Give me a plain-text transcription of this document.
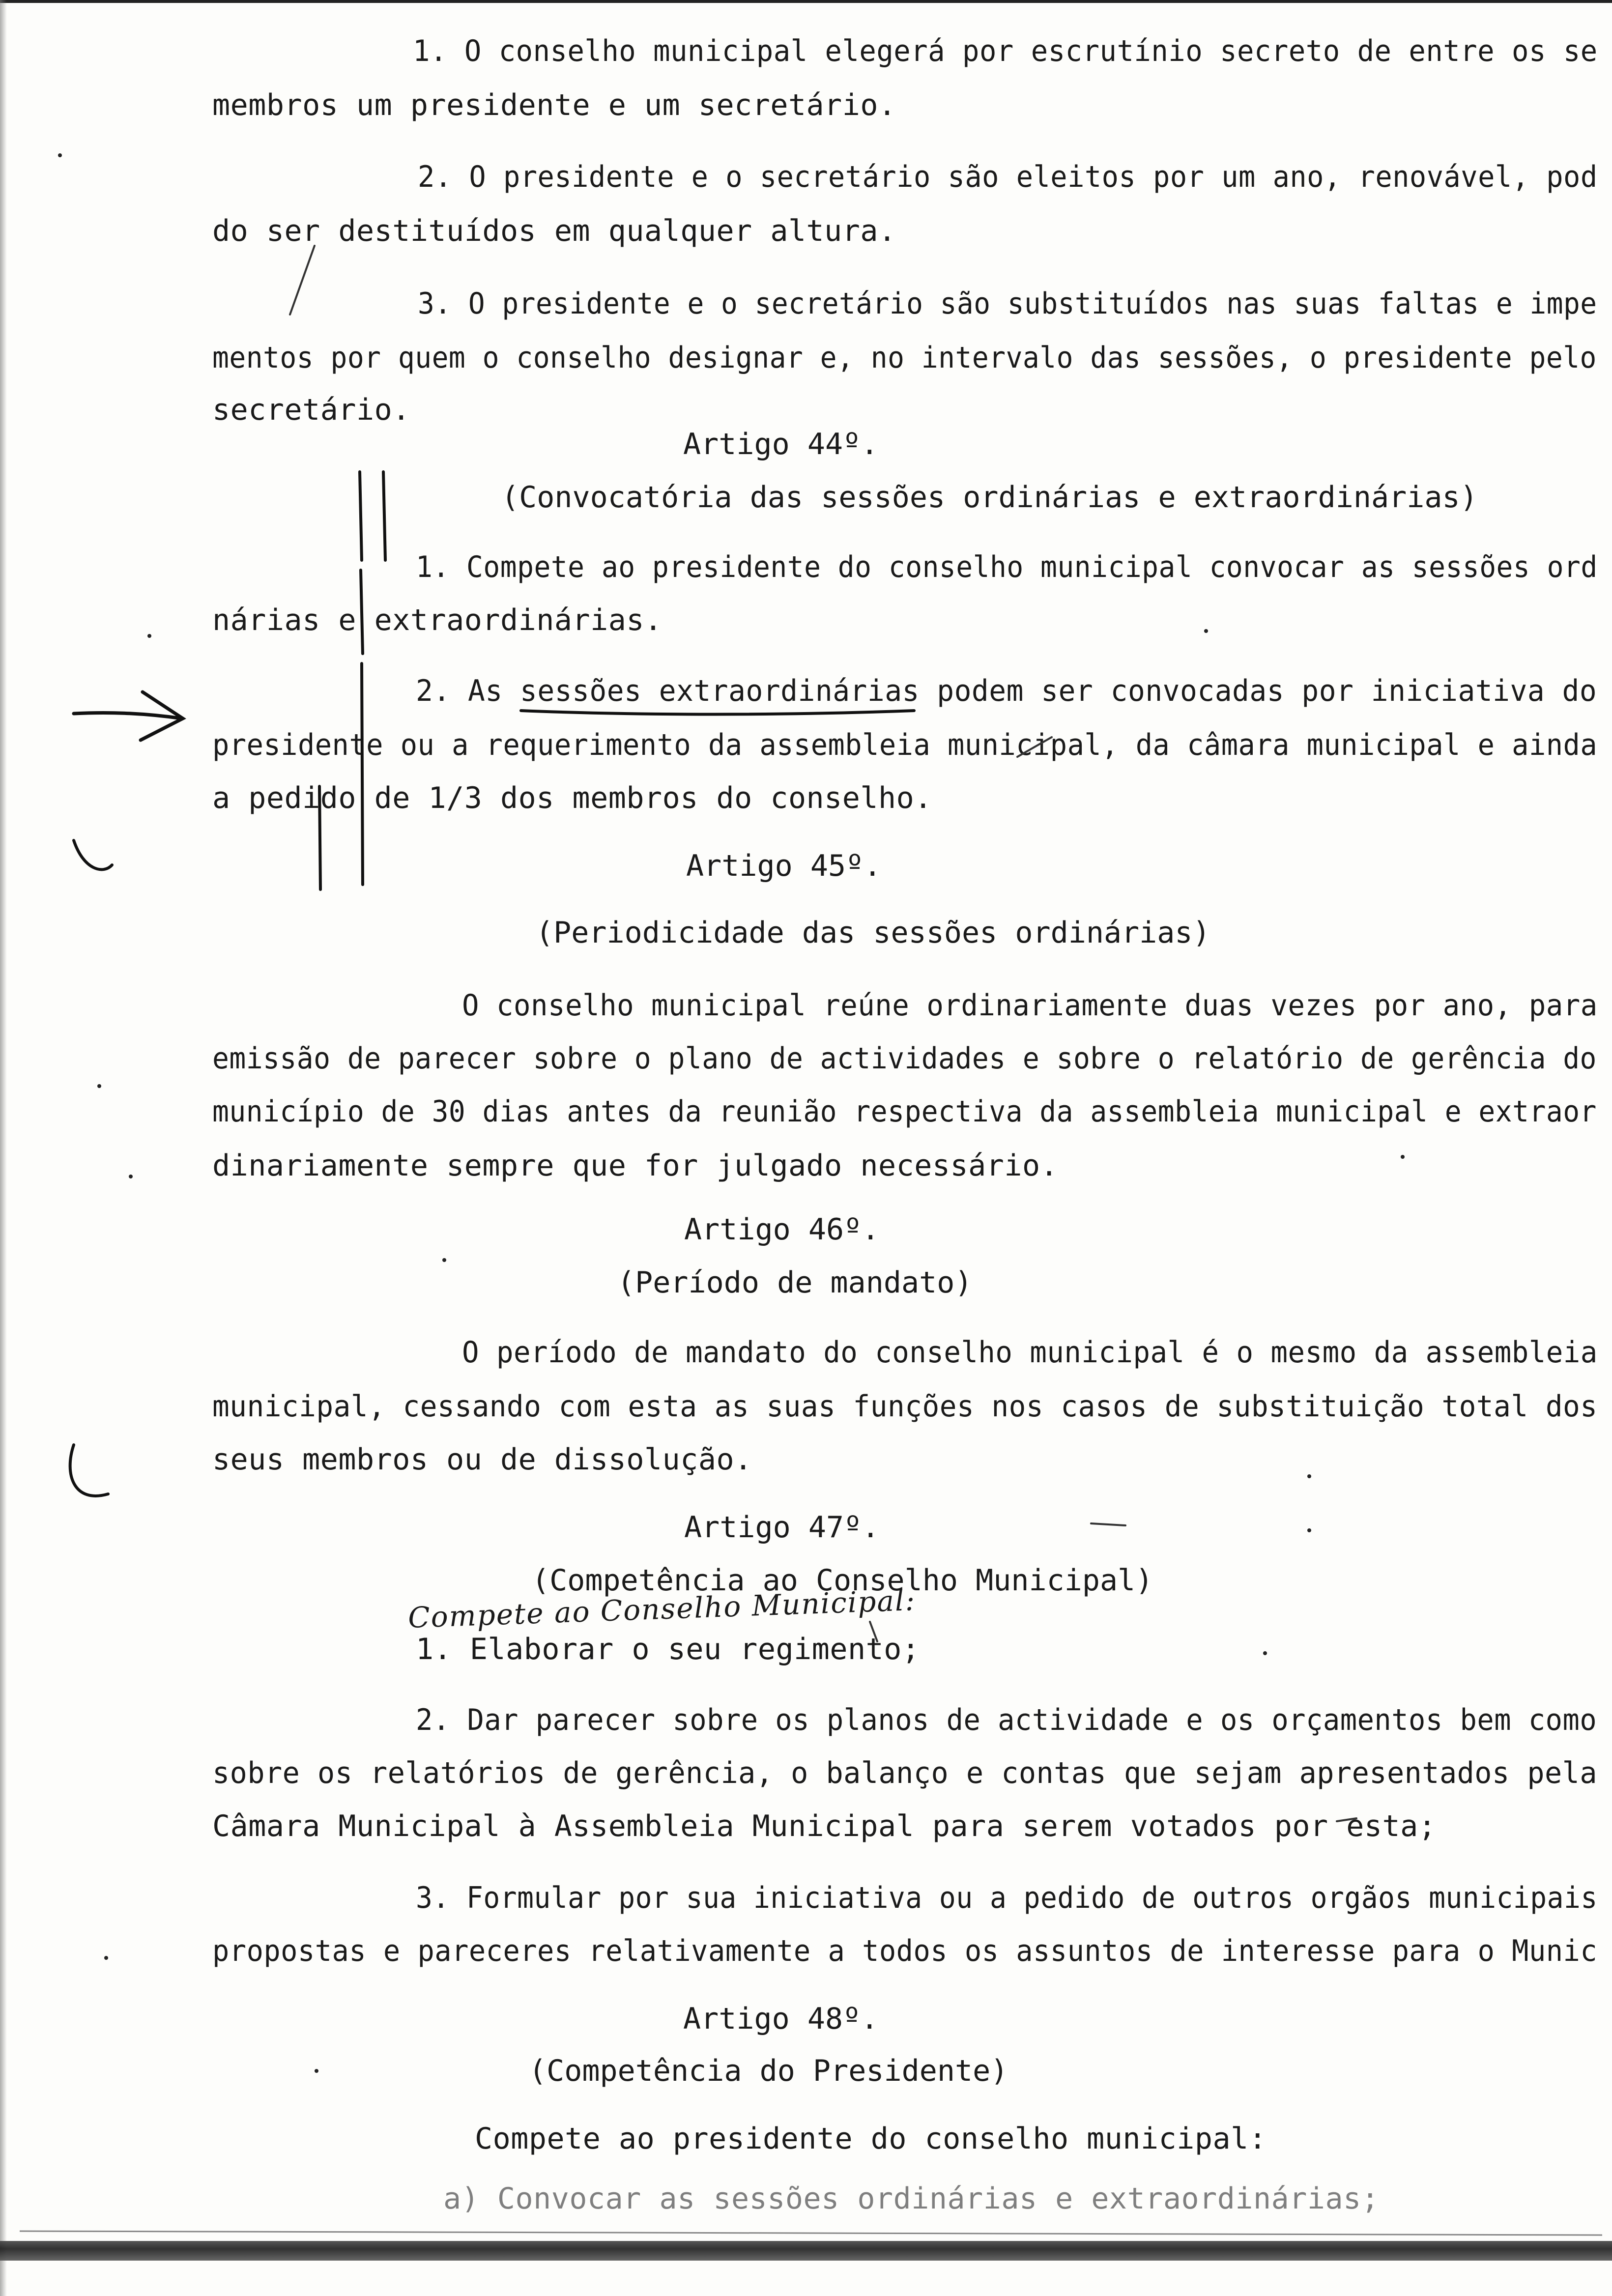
1. O conselho municipal elegerá por escrutínio secreto de entre os se
membros um presidente e um secretário.
2. O presidente e o secretário são eleitos por um ano, renovável, pod
do ser destituídos em qualquer altura.
3. O presidente e o secretário são substituídos nas suas faltas e impe
mentos por quem o conselho designar e, no intervalo das sessões, o presidente pelo
secretário.
Artigo 44º.
(Convocatória das sessões ordinárias e extraordinárias)
1. Compete ao presidente do conselho municipal convocar as sessões ord
nárias e extraordinárias.
2. As sessões extraordinárias podem ser convocadas por iniciativa do
presidente ou a requerimento da assembleia municipal, da câmara municipal e ainda
a pedido de 1/3 dos membros do conselho.
Artigo 45º.
(Periodicidade das sessões ordinárias)
O conselho municipal reúne ordinariamente duas vezes por ano, para
emissão de parecer sobre o plano de actividades e sobre o relatório de gerência do
município de 30 dias antes da reunião respectiva da assembleia municipal e extraor
dinariamente sempre que for julgado necessário.
Artigo 46º.
(Período de mandato)
O período de mandato do conselho municipal é o mesmo da assembleia
municipal, cessando com esta as suas funções nos casos de substituição total dos
seus membros ou de dissolução.
Artigo 47º.
(Competência ao Conselho Municipal)
Compete ao Conselho Municipal:
1. Elaborar o seu regimento;
2. Dar parecer sobre os planos de actividade e os orçamentos bem como
sobre os relatórios de gerência, o balanço e contas que sejam apresentados pela
Câmara Municipal à Assembleia Municipal para serem votados por esta;
3. Formular por sua iniciativa ou a pedido de outros orgãos municipais
propostas e pareceres relativamente a todos os assuntos de interesse para o Munic
Artigo 48º.
(Competência do Presidente)
Compete ao presidente do conselho municipal:
a) Convocar as sessões ordinárias e extraordinárias;
